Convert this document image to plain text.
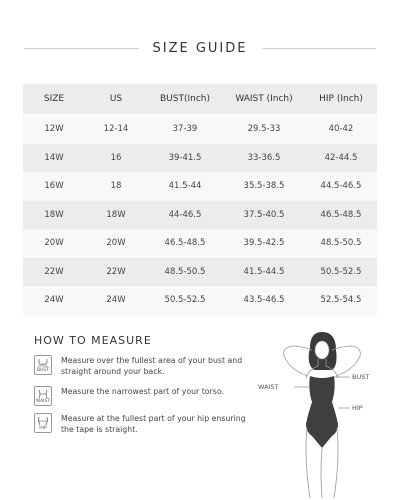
SIZE GUIDE
SIZE	US	BUST(Inch)	WAIST (Inch)	HIP (Inch)
12W	12-14	37-39	29.5-33	40-42
14W	16	39-41.5	33-36.5	42-44.5
16W	18	41.5-44	35.5-38.5	44.5-46.5
18W	18W	44-46.5	37.5-40.5	46.5-48.5
20W	20W	46.5-48.5	39.5-42.5	48.5-50.5
22W	22W	48.5-50.5	41.5-44.5	50.5-52.5
24W	24W	50.5-52.5	43.5-46.5	52.5-54.5
HOW TO MEASURE
BUST
Measure over the fullest area of your bust and straight around your back.
WAIST
Measure the narrowest part of your torso.
HIP
Measure at the fullest part of your hip ensuring the tape is straight.
BUST
WAIST
HIP
